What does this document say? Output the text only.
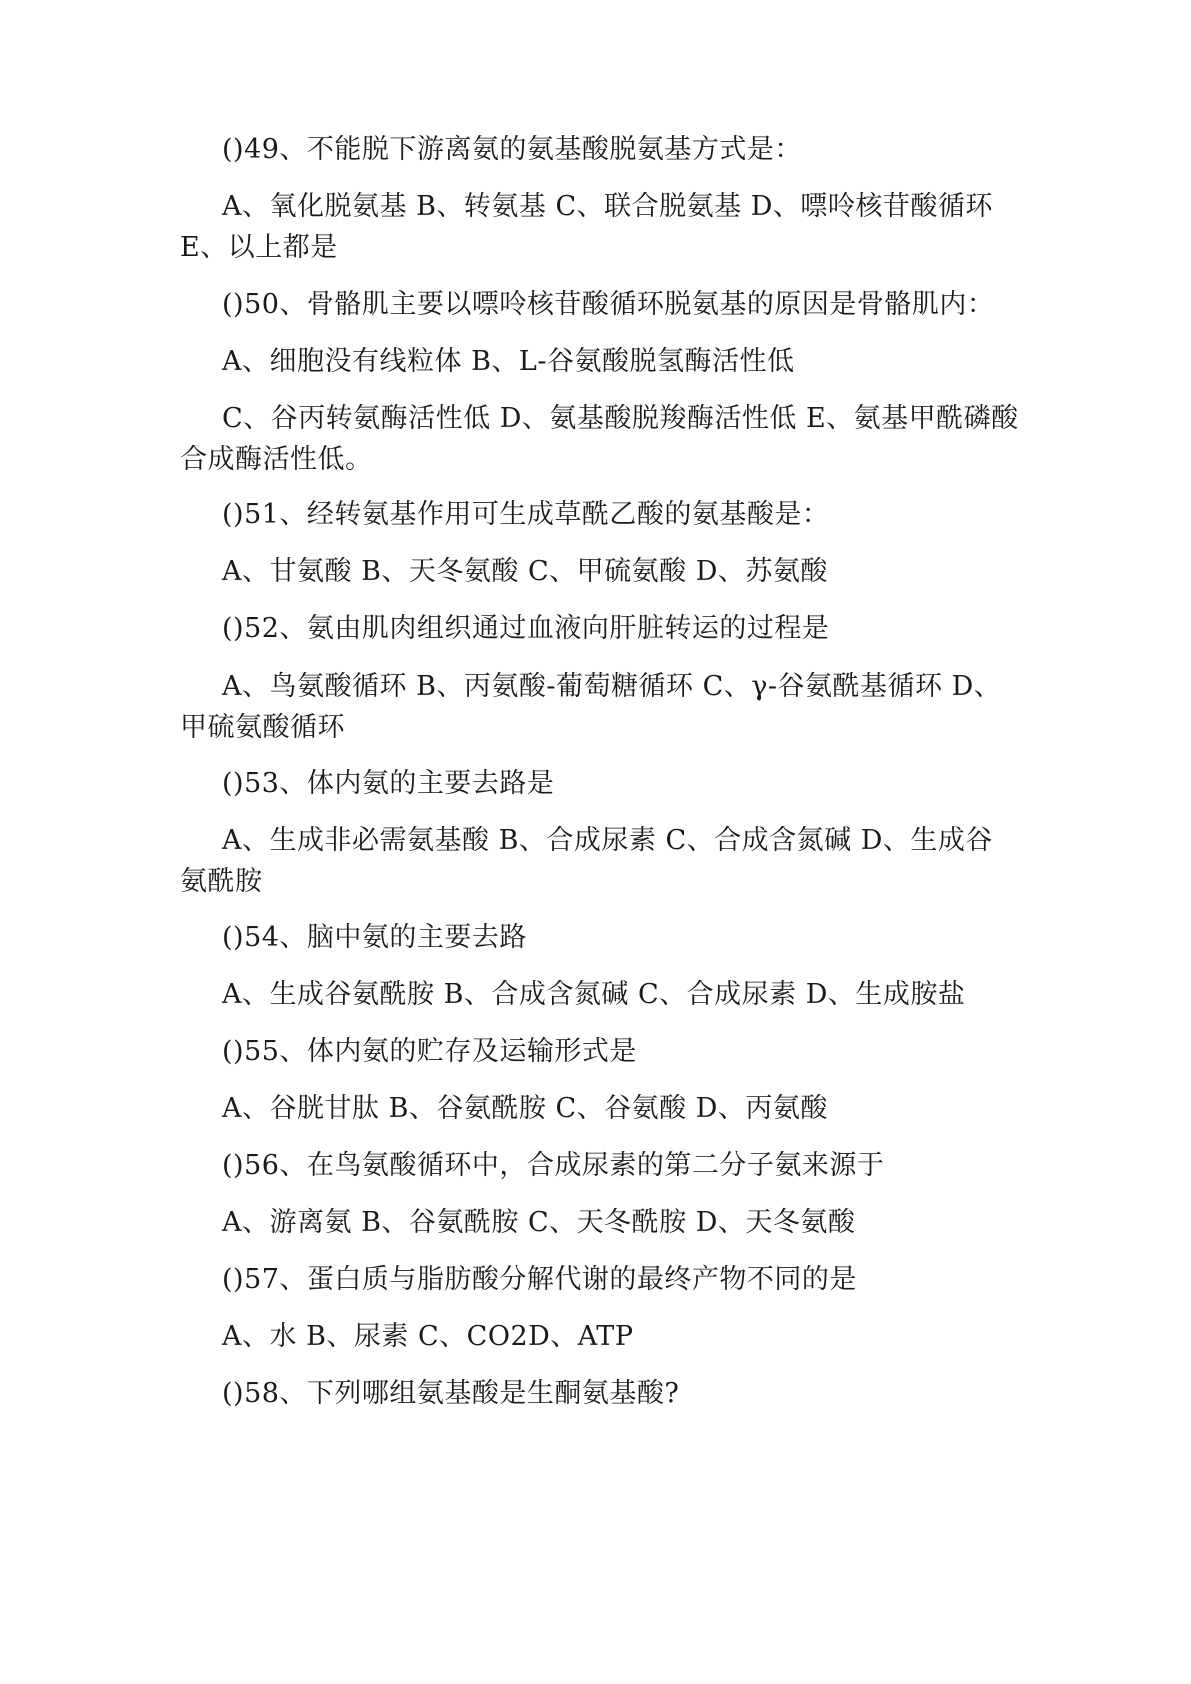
()49、不能脱下游离氨的氨基酸脱氨基方式是：

A、氧化脱氨基 B、转氨基 C、联合脱氨基 D、嘌呤核苷酸循环 E、以上都是

()50、骨骼肌主要以嘌呤核苷酸循环脱氨基的原因是骨骼肌内：

A、细胞没有线粒体 B、L-谷氨酸脱氢酶活性低

C、谷丙转氨酶活性低 D、氨基酸脱羧酶活性低 E、氨基甲酰磷酸合成酶活性低。

()51、经转氨基作用可生成草酰乙酸的氨基酸是：

A、甘氨酸 B、天冬氨酸 C、甲硫氨酸 D、苏氨酸

()52、氨由肌肉组织通过血液向肝脏转运的过程是

A、鸟氨酸循环 B、丙氨酸-葡萄糖循环 C、γ-谷氨酰基循环 D、甲硫氨酸循环

()53、体内氨的主要去路是

A、生成非必需氨基酸 B、合成尿素 C、合成含氮碱 D、生成谷氨酰胺

()54、脑中氨的主要去路

A、生成谷氨酰胺 B、合成含氮碱 C、合成尿素 D、生成胺盐

()55、体内氨的贮存及运输形式是

A、谷胱甘肽 B、谷氨酰胺 C、谷氨酸 D、丙氨酸

()56、在鸟氨酸循环中，合成尿素的第二分子氨来源于

A、游离氨 B、谷氨酰胺 C、天冬酰胺 D、天冬氨酸

()57、蛋白质与脂肪酸分解代谢的最终产物不同的是

A、水 B、尿素 C、CO2D、ATP

()58、下列哪组氨基酸是生酮氨基酸?
